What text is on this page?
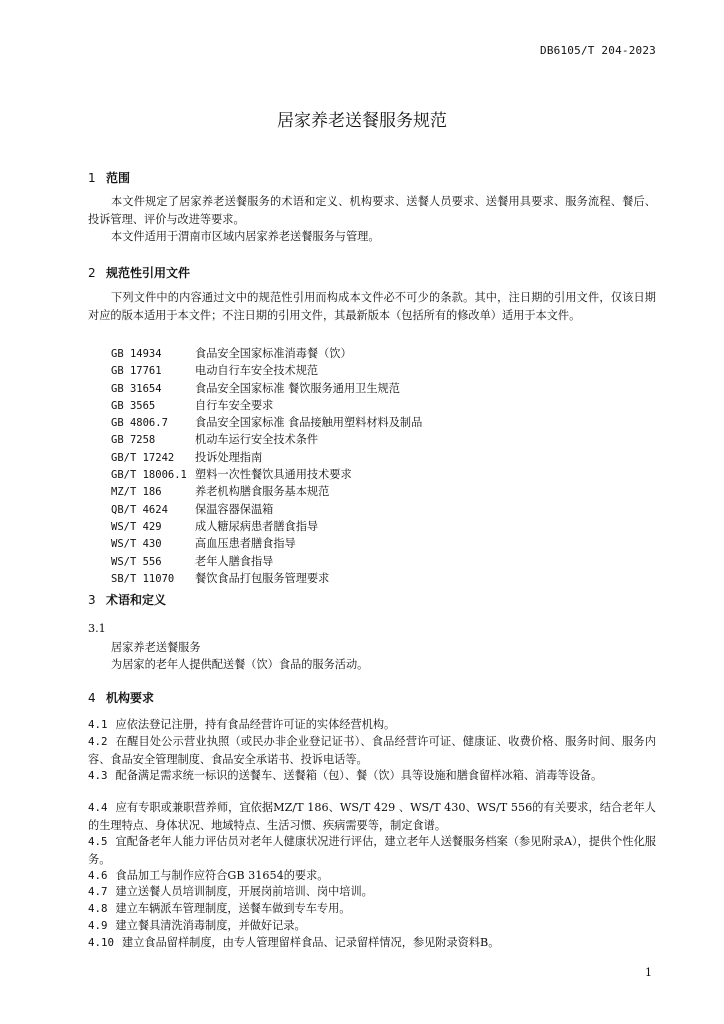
DB6105/T 204-2023
居家养老送餐服务规范
1 范围
本文件规定了居家养老送餐服务的术语和定义、机构要求、送餐人员要求、送餐用具要求、服务流程、餐后、投诉管理、评价与改进等要求。
本文件适用于渭南市区域内居家养老送餐服务与管理。
2 规范性引用文件
下列文件中的内容通过文中的规范性引用而构成本文件必不可少的条款。其中，注日期的引用文件，仅该日期对应的版本适用于本文件；不注日期的引用文件，其最新版本（包括所有的修改单）适用于本文件。
GB 14934	食品安全国家标准消毒餐（饮）
GB 17761	电动自行车安全技术规范
GB 31654	食品安全国家标准 餐饮服务通用卫生规范
GB 3565	自行车安全要求
GB 4806.7 食品安全国家标准 食品接触用塑料材料及制品
GB 7258	机动车运行安全技术条件
GB/T 17242 投诉处理指南
GB/T 18006.1 塑料一次性餐饮具通用技术要求
MZ/T 186	养老机构膳食服务基本规范
QB/T 4624 保温容器保温箱
WS/T 429	成人糖尿病患者膳食指导
WS/T 430	高血压患者膳食指导
WS/T 556	老年人膳食指导
SB/T 11070 餐饮食品打包服务管理要求
3 术语和定义
3.1
居家养老送餐服务
为居家的老年人提供配送餐（饮）食品的服务活动。
4 机构要求
4.1 应依法登记注册，持有食品经营许可证的实体经营机构。
4.2 在醒目处公示营业执照（或民办非企业登记证书）、食品经营许可证、健康证、收费价格、服务时间、服务内容、食品安全管理制度、食品安全承诺书、投诉电话等。
4.3 配备满足需求统一标识的送餐车、送餐箱（包）、餐（饮）具等设施和膳食留样冰箱、消毒等设备。
4.4 应有专职或兼职营养师，宜依据MZ/T 186、WS/T 429 、WS/T 430、WS/T 556的有关要求，结合老年人的生理特点、身体状况、地域特点、生活习惯、疾病需要等，制定食谱。
4.5 宜配备老年人能力评估员对老年人健康状况进行评估，建立老年人送餐服务档案（参见附录A），提供个性化服务。
4.6 食品加工与制作应符合GB 31654的要求。
4.7 建立送餐人员培训制度，开展岗前培训、岗中培训。
4.8 建立车辆派车管理制度，送餐车做到专车专用。
4.9 建立餐具清洗消毒制度，并做好记录。
4.10 建立食品留样制度，由专人管理留样食品、记录留样情况，参见附录资料B。
1
